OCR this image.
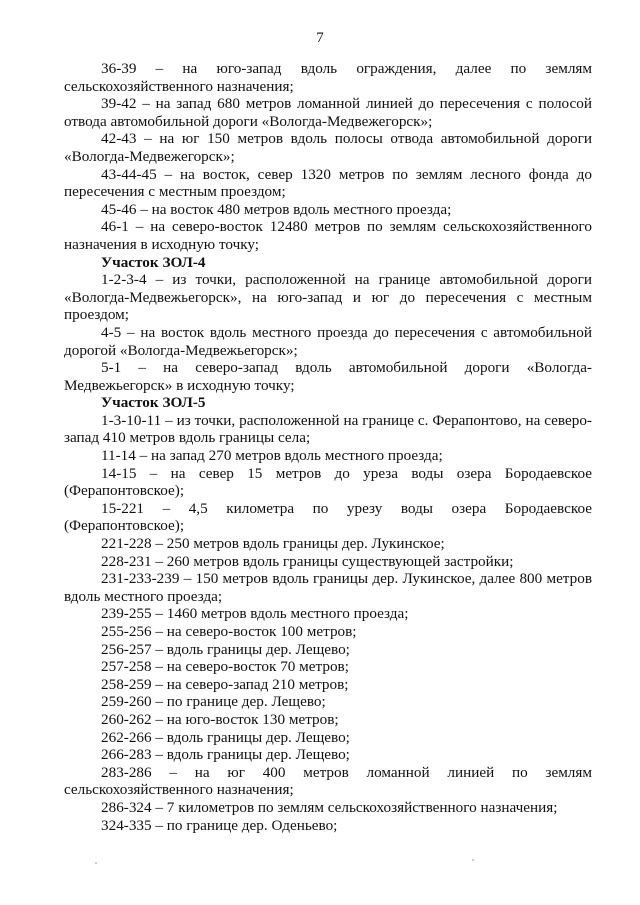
7

36-39 – на юго-запад вдоль ограждения, далее по землям сельскохозяйственного назначения;

39-42 – на запад 680 метров ломанной линией до пересечения с полосой отвода автомобильной дороги «Вологда-Медвежегорск»;

42-43 – на юг 150 метров вдоль полосы отвода автомобильной дороги «Вологда-Медвежегорск»;

43-44-45 – на восток, север 1320 метров по землям лесного фонда до пересечения с местным проездом;

45-46 – на восток 480 метров вдоль местного проезда;

46-1 – на северо-восток 12480 метров по землям сельскохозяйственного назначения в исходную точку;

Участок ЗОЛ-4

1-2-3-4 – из точки, расположенной на границе автомобильной дороги «Вологда-Медвежьегорск», на юго-запад и юг до пересечения с местным проездом;

4-5 – на восток вдоль местного проезда до пересечения с автомобильной дорогой «Вологда-Медвежьегорск»;

5-1 – на северо-запад вдоль автомобильной дороги «Вологда-Медвежьегорск» в исходную точку;

Участок ЗОЛ-5

1-3-10-11 – из точки, расположенной на границе с. Ферапонтово, на северо-запад 410 метров вдоль границы села;

11-14 – на запад 270 метров вдоль местного проезда;

14-15 – на север 15 метров до уреза воды озера Бородаевское (Ферапонтовское);

15-221 – 4,5 километра по урезу воды озера Бородаевское (Ферапонтовское);

221-228 – 250 метров вдоль границы дер. Лукинское;

228-231 – 260 метров вдоль границы существующей застройки;

231-233-239 – 150 метров вдоль границы дер. Лукинское, далее 800 метров вдоль местного проезда;

239-255 – 1460 метров вдоль местного проезда;

255-256 – на северо-восток 100 метров;

256-257 – вдоль границы дер. Лещево;

257-258 – на северо-восток 70 метров;

258-259 – на северо-запад 210 метров;

259-260 – по границе дер. Лещево;

260-262 – на юго-восток 130 метров;

262-266 – вдоль границы дер. Лещево;

266-283 – вдоль границы дер. Лещево;

283-286 – на юг 400 метров ломанной линией по землям сельскохозяйственного назначения;

286-324 – 7 километров по землям сельскохозяйственного назначения;

324-335 – по границе дер. Оденьево;
